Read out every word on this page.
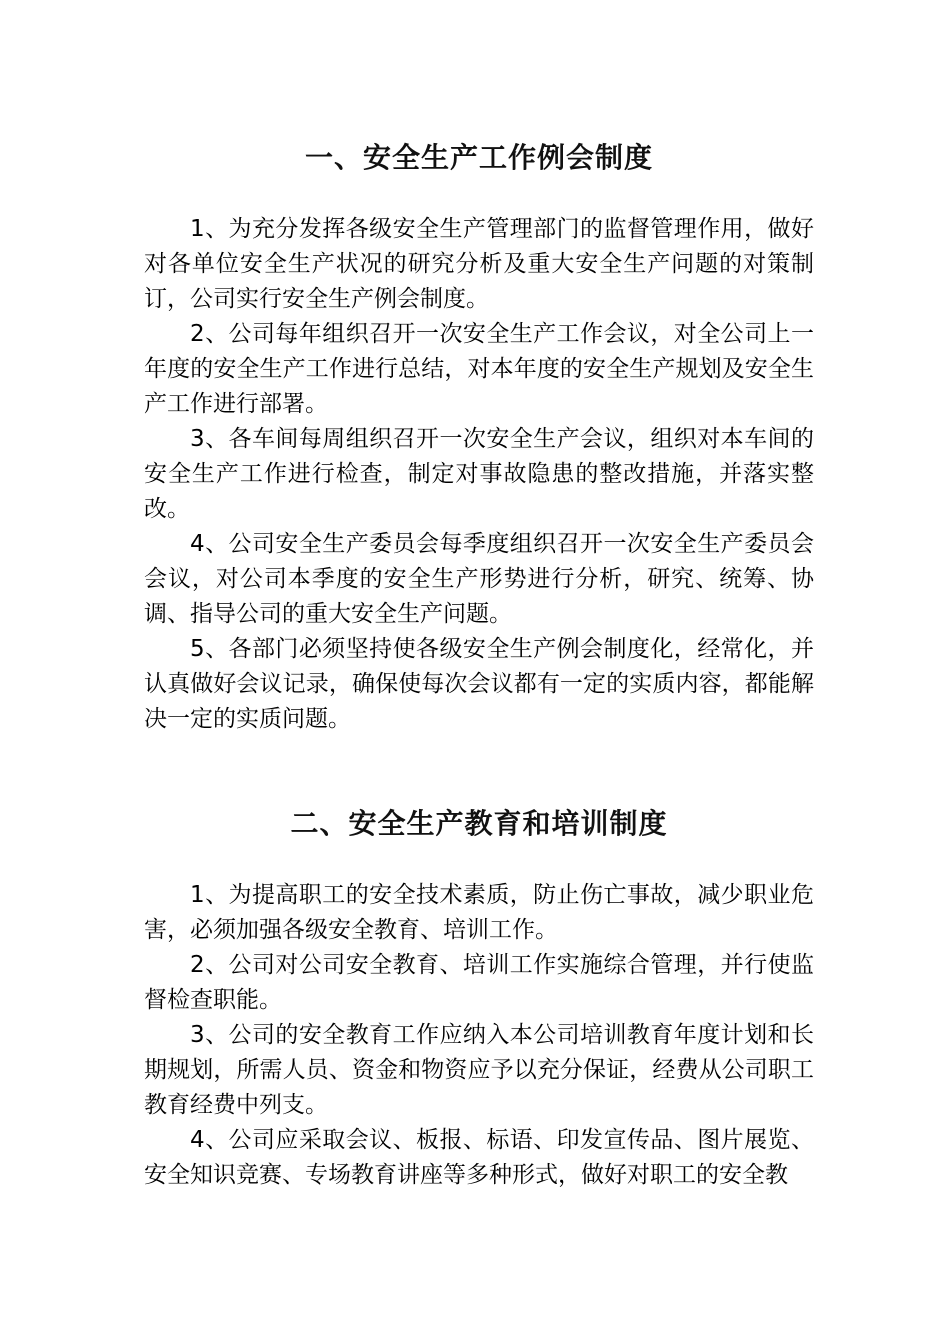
一、安全生产工作例会制度

1、为充分发挥各级安全生产管理部门的监督管理作用，做好对各单位安全生产状况的研究分析及重大安全生产问题的对策制订，公司实行安全生产例会制度。

2、公司每年组织召开一次安全生产工作会议，对全公司上一年度的安全生产工作进行总结，对本年度的安全生产规划及安全生产工作进行部署。

3、各车间每周组织召开一次安全生产会议，组织对本车间的安全生产工作进行检查，制定对事故隐患的整改措施，并落实整改。

4、公司安全生产委员会每季度组织召开一次安全生产委员会会议，对公司本季度的安全生产形势进行分析，研究、统筹、协调、指导公司的重大安全生产问题。

5、各部门必须坚持使各级安全生产例会制度化，经常化，并认真做好会议记录，确保使每次会议都有一定的实质内容，都能解决一定的实质问题。

二、安全生产教育和培训制度

1、为提高职工的安全技术素质，防止伤亡事故，减少职业危害，必须加强各级安全教育、培训工作。

2、公司对公司安全教育、培训工作实施综合管理，并行使监督检查职能。

3、公司的安全教育工作应纳入本公司培训教育年度计划和长期规划，所需人员、资金和物资应予以充分保证，经费从公司职工教育经费中列支。

4、公司应采取会议、板报、标语、印发宣传品、图片展览、安全知识竞赛、专场教育讲座等多种形式，做好对职工的安全教
